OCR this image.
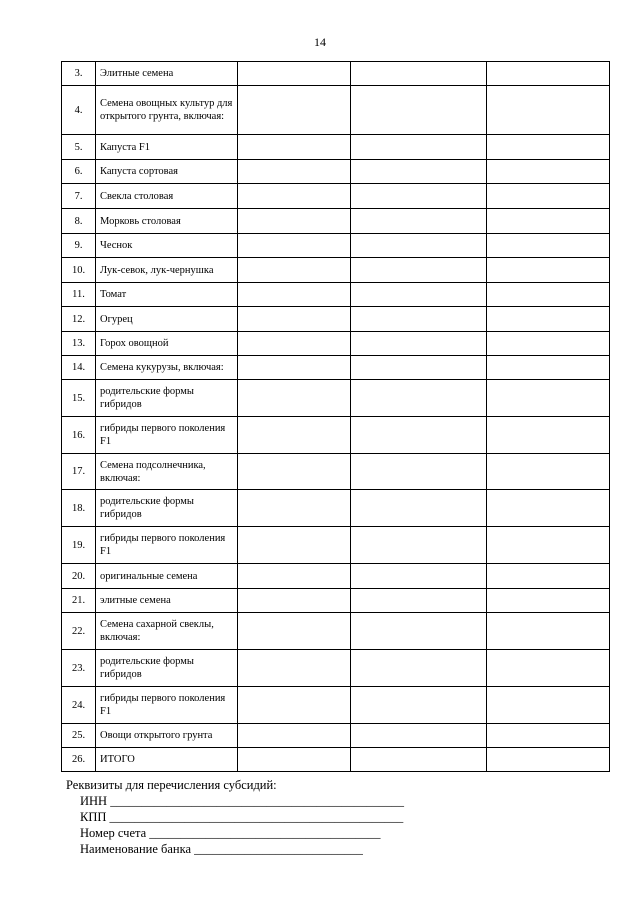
14
3.	Элитные семена			
4.	Семена овощных культур для открытого грунта, включая:			
5.	Капуста F1			
6.	Капуста сортовая			
7.	Свекла столовая			
8.	Морковь столовая			
9.	Чеснок			
10.	Лук-севок, лук-чернушка			
11.	Томат			
12.	Огурец			
13.	Горох овощной			
14.	Семена кукурузы, включая:			
15.	родительские формы гибридов			
16.	гибриды первого поколения F1			
17.	Семена подсолнечника, включая:			
18.	родительские формы гибридов			
19.	гибриды первого поколения F1			
20.	оригинальные семена			
21.	элитные семена			
22.	Семена сахарной свеклы, включая:			
23.	родительские формы гибридов			
24.	гибриды первого поколения F1			
25.	Овощи открытого грунта			
26.	ИТОГО			
Реквизиты для перечисления субсидий:
ИНН _______________________________________________
КПП _______________________________________________
Номер счета _____________________________________
Наименование банка ___________________________
